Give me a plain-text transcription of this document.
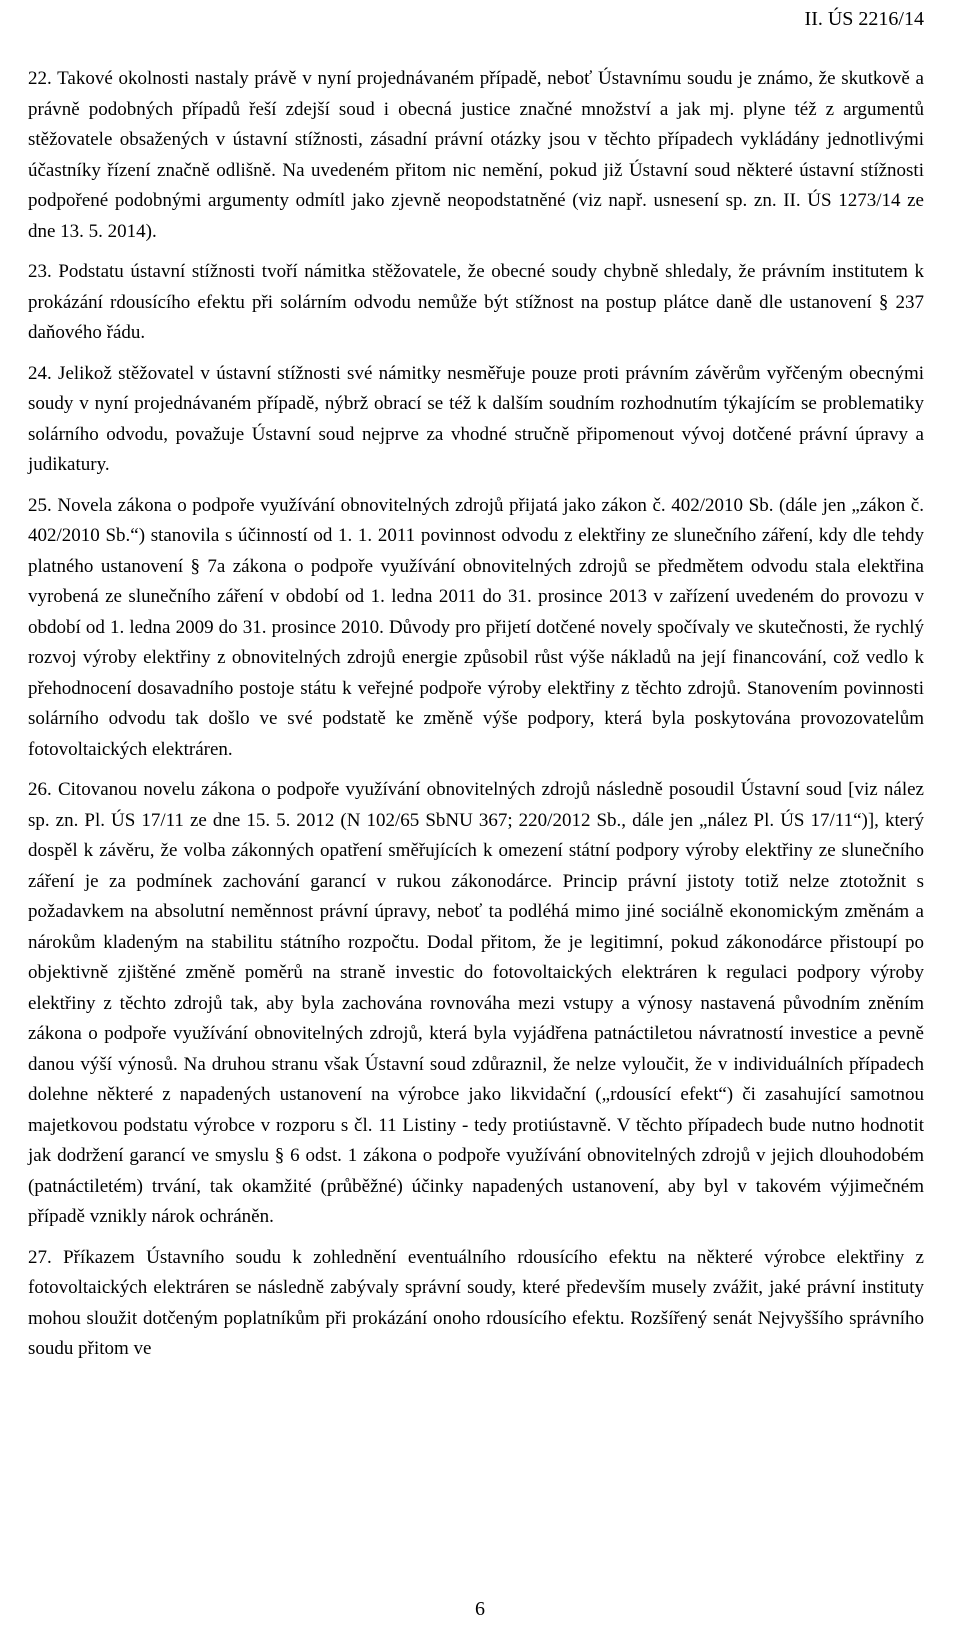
II. ÚS 2216/14

22. Takové okolnosti nastaly právě v nyní projednávaném případě, neboť Ústavnímu soudu je známo, že skutkově a právně podobných případů řeší zdejší soud i obecná justice značné množství a jak mj. plyne též z argumentů stěžovatele obsažených v ústavní stížnosti, zásadní právní otázky jsou v těchto případech vykládány jednotlivými účastníky řízení značně odlišně. Na uvedeném přitom nic nemění, pokud již Ústavní soud některé ústavní stížnosti podpořené podobnými argumenty odmítl jako zjevně neopodstatněné (viz např. usnesení sp. zn. II. ÚS 1273/14 ze dne 13. 5. 2014).

23. Podstatu ústavní stížnosti tvoří námitka stěžovatele, že obecné soudy chybně shledaly, že právním institutem k prokázání rdousícího efektu při solárním odvodu nemůže být stížnost na postup plátce daně dle ustanovení § 237 daňového řádu.

24. Jelikož stěžovatel v ústavní stížnosti své námitky nesměřuje pouze proti právním závěrům vyřčeným obecnými soudy v nyní projednávaném případě, nýbrž obrací se též k dalším soudním rozhodnutím týkajícím se problematiky solárního odvodu, považuje Ústavní soud nejprve za vhodné stručně připomenout vývoj dotčené právní úpravy a judikatury.

25. Novela zákona o podpoře využívání obnovitelných zdrojů přijatá jako zákon č. 402/2010 Sb. (dále jen „zákon č. 402/2010 Sb.“) stanovila s účinností od 1. 1. 2011 povinnost odvodu z elektřiny ze slunečního záření, kdy dle tehdy platného ustanovení § 7a zákona o podpoře využívání obnovitelných zdrojů se předmětem odvodu stala elektřina vyrobená ze slunečního záření v období od 1. ledna 2011 do 31. prosince 2013 v zařízení uvedeném do provozu v období od 1. ledna 2009 do 31. prosince 2010. Důvody pro přijetí dotčené novely spočívaly ve skutečnosti, že rychlý rozvoj výroby elektřiny z obnovitelných zdrojů energie způsobil růst výše nákladů na její financování, což vedlo k přehodnocení dosavadního postoje státu k veřejné podpoře výroby elektřiny z těchto zdrojů. Stanovením povinnosti solárního odvodu tak došlo ve své podstatě ke změně výše podpory, která byla poskytována provozovatelům fotovoltaických elektráren.

26. Citovanou novelu zákona o podpoře využívání obnovitelných zdrojů následně posoudil Ústavní soud [viz nález sp. zn. Pl. ÚS 17/11 ze dne 15. 5. 2012 (N 102/65 SbNU 367; 220/2012 Sb., dále jen „nález Pl. ÚS 17/11“)], který dospěl k závěru, že volba zákonných opatření směřujících k omezení státní podpory výroby elektřiny ze slunečního záření je za podmínek zachování garancí v rukou zákonodárce. Princip právní jistoty totiž nelze ztotožnit s požadavkem na absolutní neměnnost právní úpravy, neboť ta podléhá mimo jiné sociálně ekonomickým změnám a nárokům kladeným na stabilitu státního rozpočtu. Dodal přitom, že je legitimní, pokud zákonodárce přistoupí po objektivně zjištěné změně poměrů na straně investic do fotovoltaických elektráren k regulaci podpory výroby elektřiny z těchto zdrojů tak, aby byla zachována rovnováha mezi vstupy a výnosy nastavená původním zněním zákona o podpoře využívání obnovitelných zdrojů, která byla vyjádřena patnáctiletou návratností investice a pevně danou výší výnosů. Na druhou stranu však Ústavní soud zdůraznil, že nelze vyloučit, že v individuálních případech dolehne některé z napadených ustanovení na výrobce jako likvidační („rdousící efekt“) či zasahující samotnou majetkovou podstatu výrobce v rozporu s čl. 11 Listiny - tedy protiústavně. V těchto případech bude nutno hodnotit jak dodržení garancí ve smyslu § 6 odst. 1 zákona o podpoře využívání obnovitelných zdrojů v jejich dlouhodobém (patnáctiletém) trvání, tak okamžité (průběžné) účinky napadených ustanovení, aby byl v takovém výjimečném případě vznikly nárok ochráněn.

27. Příkazem Ústavního soudu k zohlednění eventuálního rdousícího efektu na některé výrobce elektřiny z fotovoltaických elektráren se následně zabývaly správní soudy, které především musely zvážit, jaké právní instituty mohou sloužit dotčeným poplatníkům při prokázání onoho rdousícího efektu. Rozšířený senát Nejvyššího správního soudu přitom ve

6
